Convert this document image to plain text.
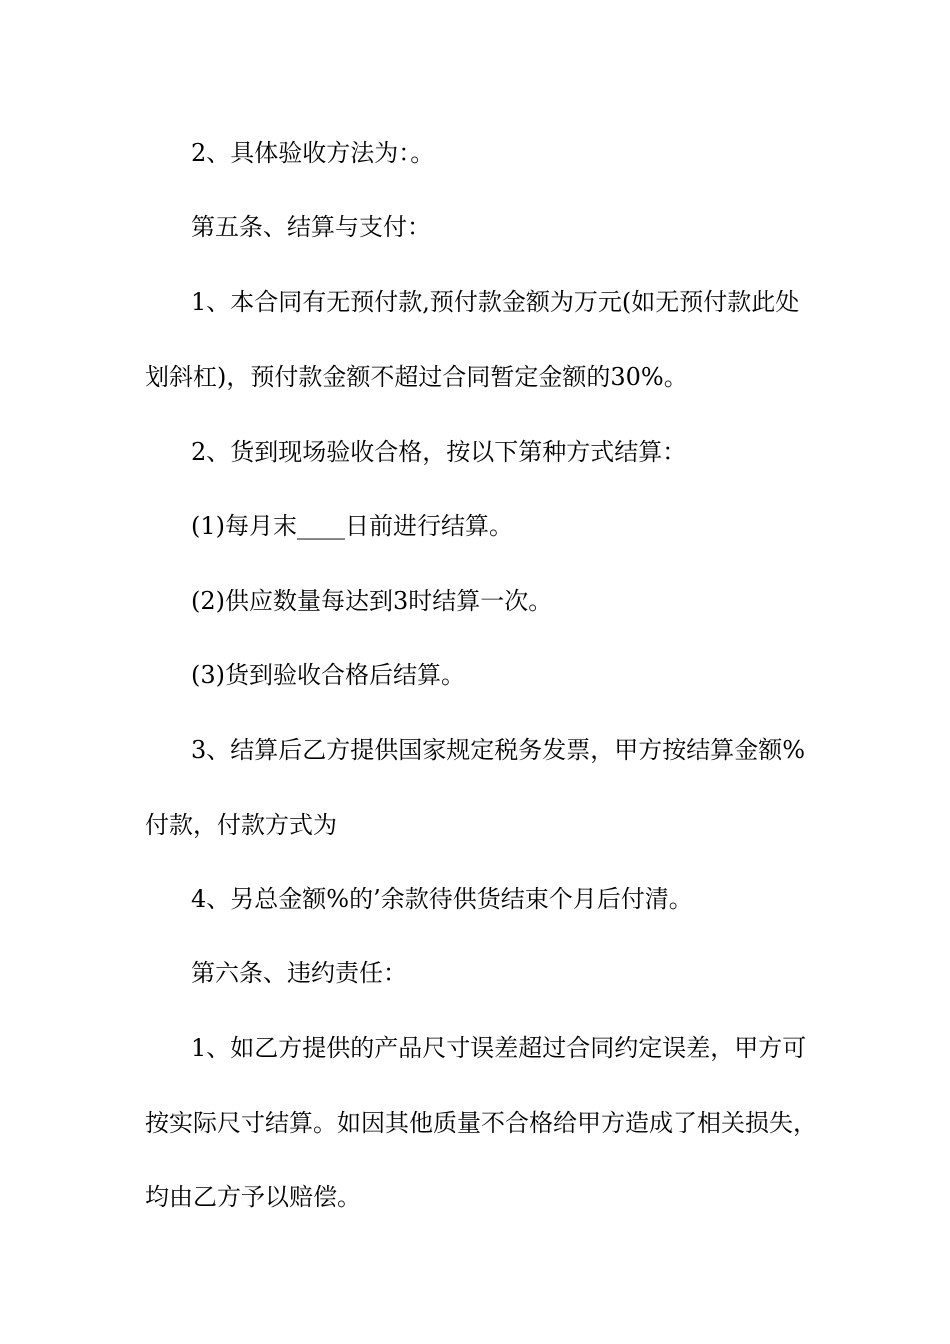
2、具体验收方法为：。
第五条、结算与支付：
1、本合同有无预付款,预付款金额为万元(如无预付款此处
划斜杠)，预付款金额不超过合同暂定金额的30%。
2、货到现场验收合格，按以下第种方式结算：
(1)每月末____日前进行结算。
(2)供应数量每达到3时结算一次。
(3)货到验收合格后结算。
3、结算后乙方提供国家规定税务发票，甲方按结算金额%
付款，付款方式为
4、另总金额%的’余款待供货结束个月后付清。
第六条、违约责任：
1、如乙方提供的产品尺寸误差超过合同约定误差，甲方可
按实际尺寸结算。如因其他质量不合格给甲方造成了相关损失，
均由乙方予以赔偿。
